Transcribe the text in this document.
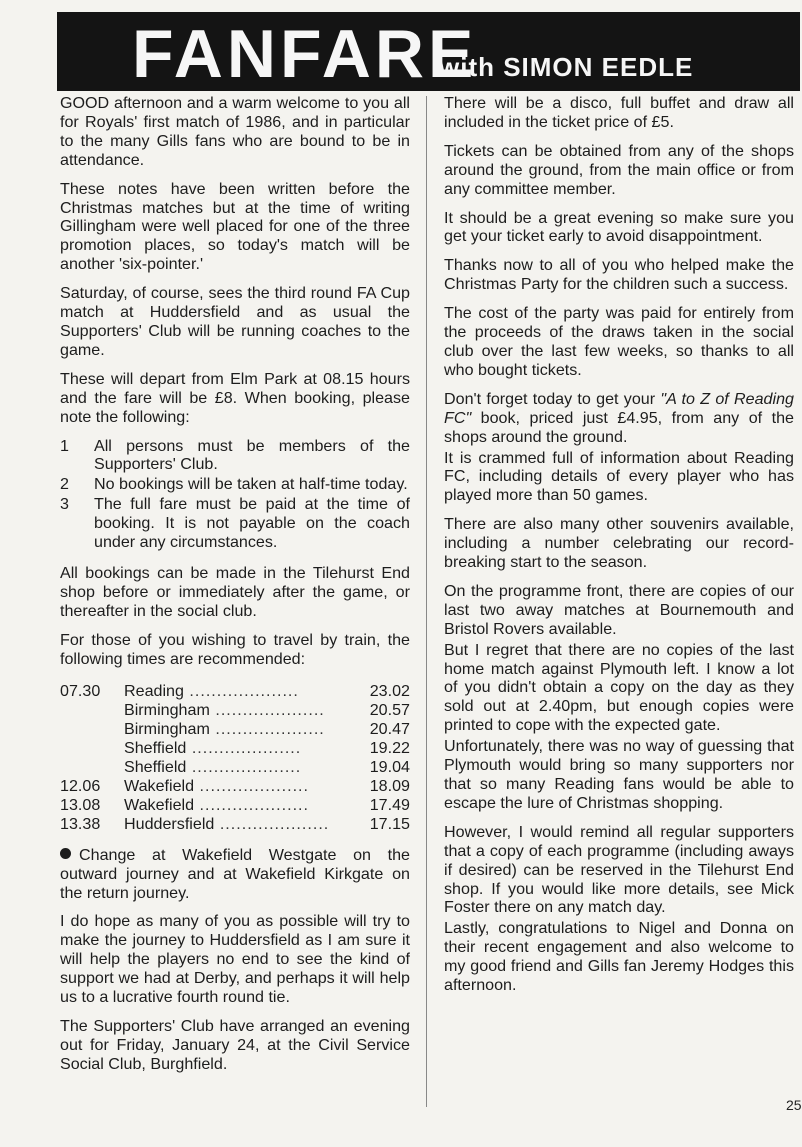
FANFARE
with SIMON EEDLE

GOOD afternoon and a warm welcome to you all for Royals' first match of 1986, and in particular to the many Gills fans who are bound to be in attendance.

These notes have been written before the Christmas matches but at the time of writing Gillingham were well placed for one of the three promotion places, so today's match will be another 'six-pointer.'

Saturday, of course, sees the third round FA Cup match at Huddersfield and as usual the Supporters' Club will be running coaches to the game.

These will depart from Elm Park at 08.15 hours and the fare will be £8. When booking, please note the following:

1 All persons must be members of the Supporters' Club.
2 No bookings will be taken at half-time today.
3 The full fare must be paid at the time of booking. It is not payable on the coach under any circumstances.

All bookings can be made in the Tilehurst End shop before or immediately after the game, or thereafter in the social club.

For those of you wishing to travel by train, the following times are recommended:

07.30	Reading ....................	23.02
	Birmingham ....................	20.57
	Birmingham ....................	20.47
	Sheffield ....................	19.22
	Sheffield ....................	19.04
12.06	Wakefield ....................	18.09
13.08	Wakefield ....................	17.49
13.38	Huddersfield ....................	17.15

Change at Wakefield Westgate on the outward journey and at Wakefield Kirkgate on the return journey.

I do hope as many of you as possible will try to make the journey to Huddersfield as I am sure it will help the players no end to see the kind of support we had at Derby, and perhaps it will help us to a lucrative fourth round tie.

The Supporters' Club have arranged an evening out for Friday, January 24, at the Civil Service Social Club, Burghfield.

There will be a disco, full buffet and draw all included in the ticket price of £5.

Tickets can be obtained from any of the shops around the ground, from the main office or from any committee member.

It should be a great evening so make sure you get your ticket early to avoid disappointment.

Thanks now to all of you who helped make the Christmas Party for the children such a success.

The cost of the party was paid for entirely from the proceeds of the draws taken in the social club over the last few weeks, so thanks to all who bought tickets.

Don't forget today to get your "A to Z of Reading FC" book, priced just £4.95, from any of the shops around the ground.

It is crammed full of information about Reading FC, including details of every player who has played more than 50 games.

There are also many other souvenirs available, including a number celebrating our record-breaking start to the season.

On the programme front, there are copies of our last two away matches at Bournemouth and Bristol Rovers available.

But I regret that there are no copies of the last home match against Plymouth left. I know a lot of you didn't obtain a copy on the day as they sold out at 2.40pm, but enough copies were printed to cope with the expected gate.

Unfortunately, there was no way of guessing that Plymouth would bring so many supporters nor that so many Reading fans would be able to escape the lure of Christmas shopping.

However, I would remind all regular supporters that a copy of each programme (including aways if desired) can be reserved in the Tilehurst End shop. If you would like more details, see Mick Foster there on any match day.

Lastly, congratulations to Nigel and Donna on their recent engagement and also welcome to my good friend and Gills fan Jeremy Hodges this afternoon.

25
